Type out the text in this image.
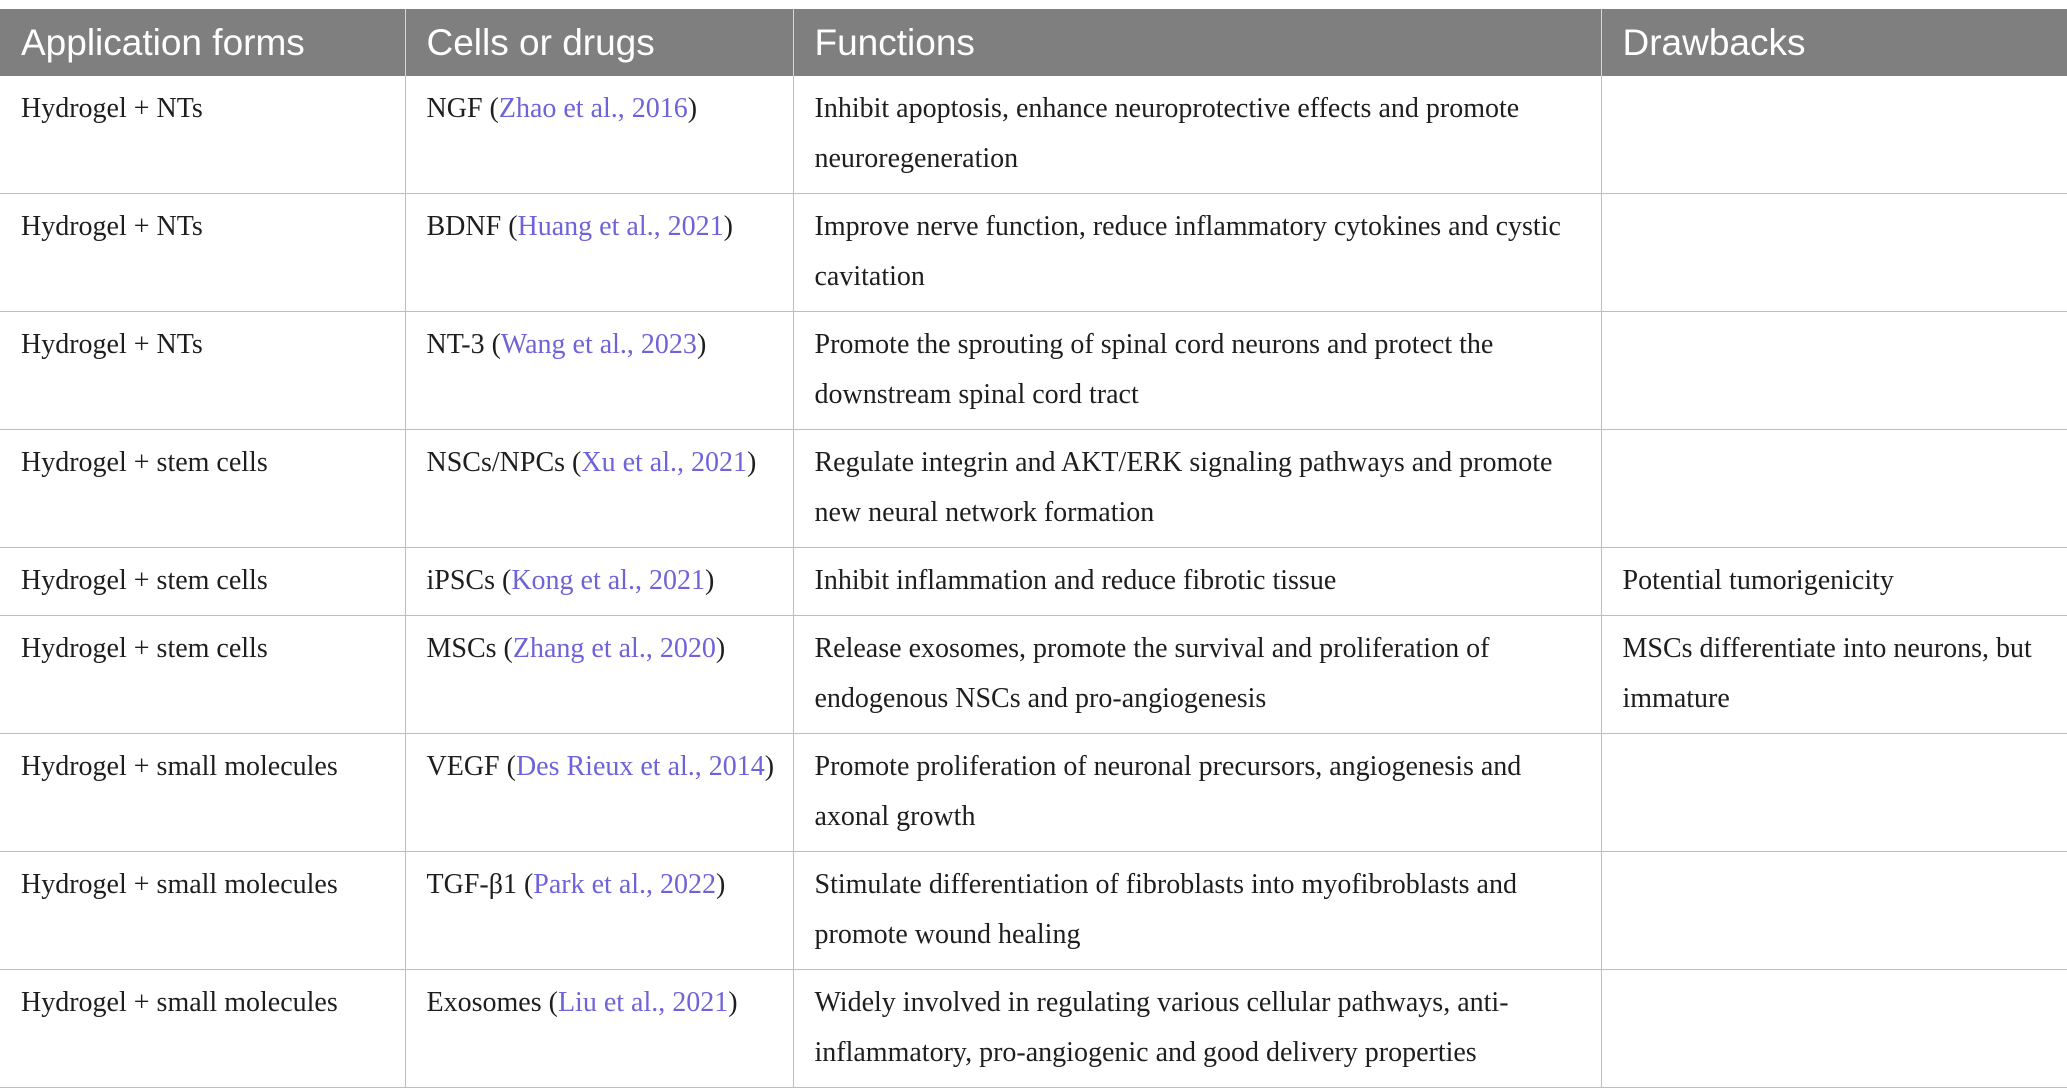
Application forms	Cells or drugs	Functions	Drawbacks
Hydrogel + NTs	NGF (Zhao et al., 2016)	Inhibit apoptosis, enhance neuroprotective effects and promote neuroregeneration	
Hydrogel + NTs	BDNF (Huang et al., 2021)	Improve nerve function, reduce inflammatory cytokines and cystic cavitation	
Hydrogel + NTs	NT-3 (Wang et al., 2023)	Promote the sprouting of spinal cord neurons and protect the downstream spinal cord tract	
Hydrogel + stem cells	NSCs/NPCs (Xu et al., 2021)	Regulate integrin and AKT/ERK signaling pathways and promote new neural network formation	
Hydrogel + stem cells	iPSCs (Kong et al., 2021)	Inhibit inflammation and reduce fibrotic tissue	Potential tumorigenicity
Hydrogel + stem cells	MSCs (Zhang et al., 2020)	Release exosomes, promote the survival and proliferation of endogenous NSCs and pro-angiogenesis	MSCs differentiate into neurons, but immature
Hydrogel + small molecules	VEGF (Des Rieux et al., 2014)	Promote proliferation of neuronal precursors, angiogenesis and axonal growth	
Hydrogel + small molecules	TGF-β1 (Park et al., 2022)	Stimulate differentiation of fibroblasts into myofibroblasts and promote wound healing	
Hydrogel + small molecules	Exosomes (Liu et al., 2021)	Widely involved in regulating various cellular pathways, anti-inflammatory, pro-angiogenic and good delivery properties	
